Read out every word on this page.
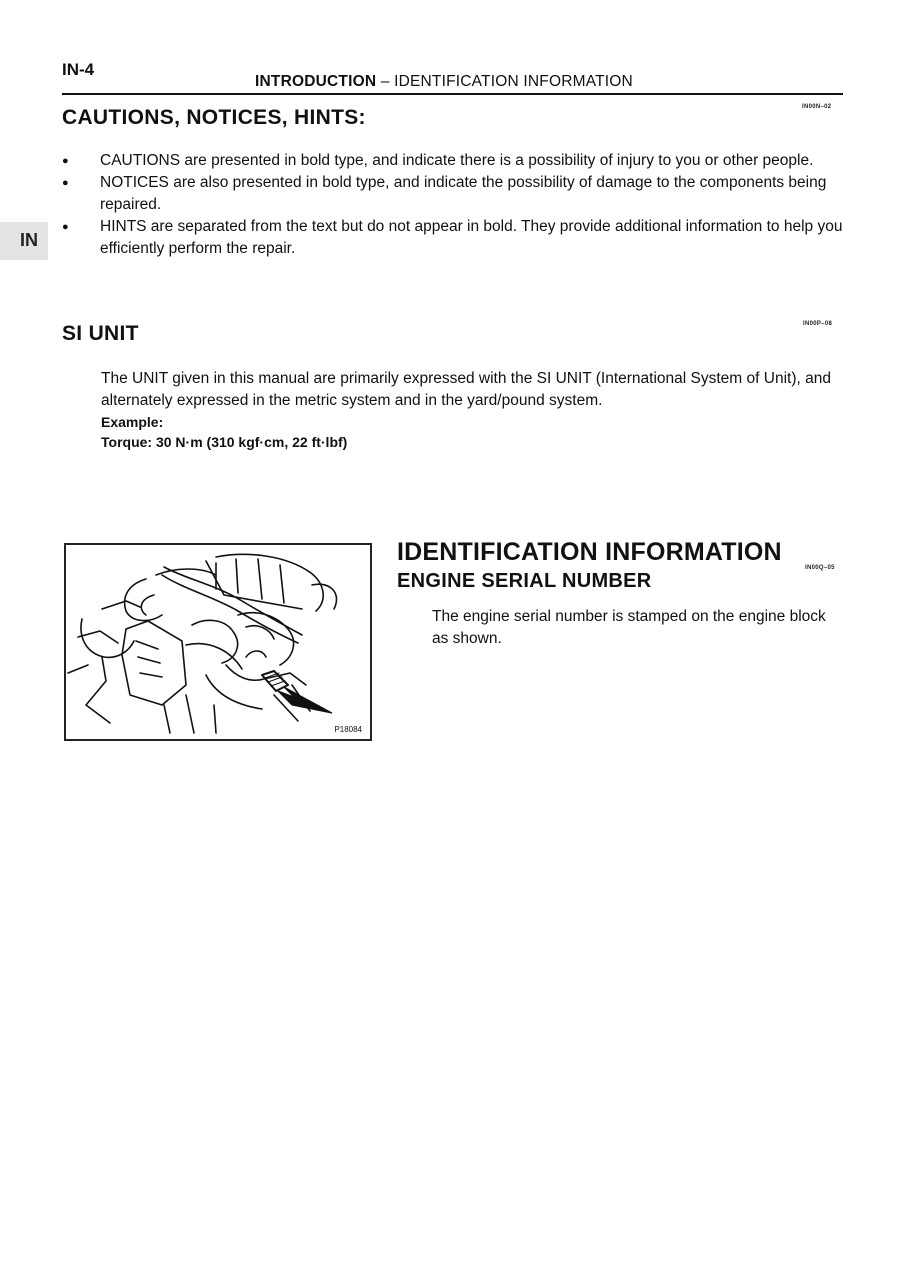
IN-4
INTRODUCTION – IDENTIFICATION INFORMATION
IN
CAUTIONS, NOTICES, HINTS:	IN00N–02
● CAUTIONS are presented in bold type, and indicate there is a possibility of injury to you or other people.
● NOTICES are also presented in bold type, and indicate the possibility of damage to the components being repaired.
● HINTS are separated from the text but do not appear in bold. They provide additional information to help you efficiently perform the repair.
SI UNIT	IN00P–08
The UNIT given in this manual are primarily expressed with the SI UNIT (International System of Unit), and alternately expressed in the metric system and in the yard/pound system.
Example:
Torque: 30 N·m (310 kgf·cm, 22 ft·lbf)
P18084
IDENTIFICATION INFORMATION
IN00Q–05
ENGINE SERIAL NUMBER
The engine serial number is stamped on the engine block as shown.
